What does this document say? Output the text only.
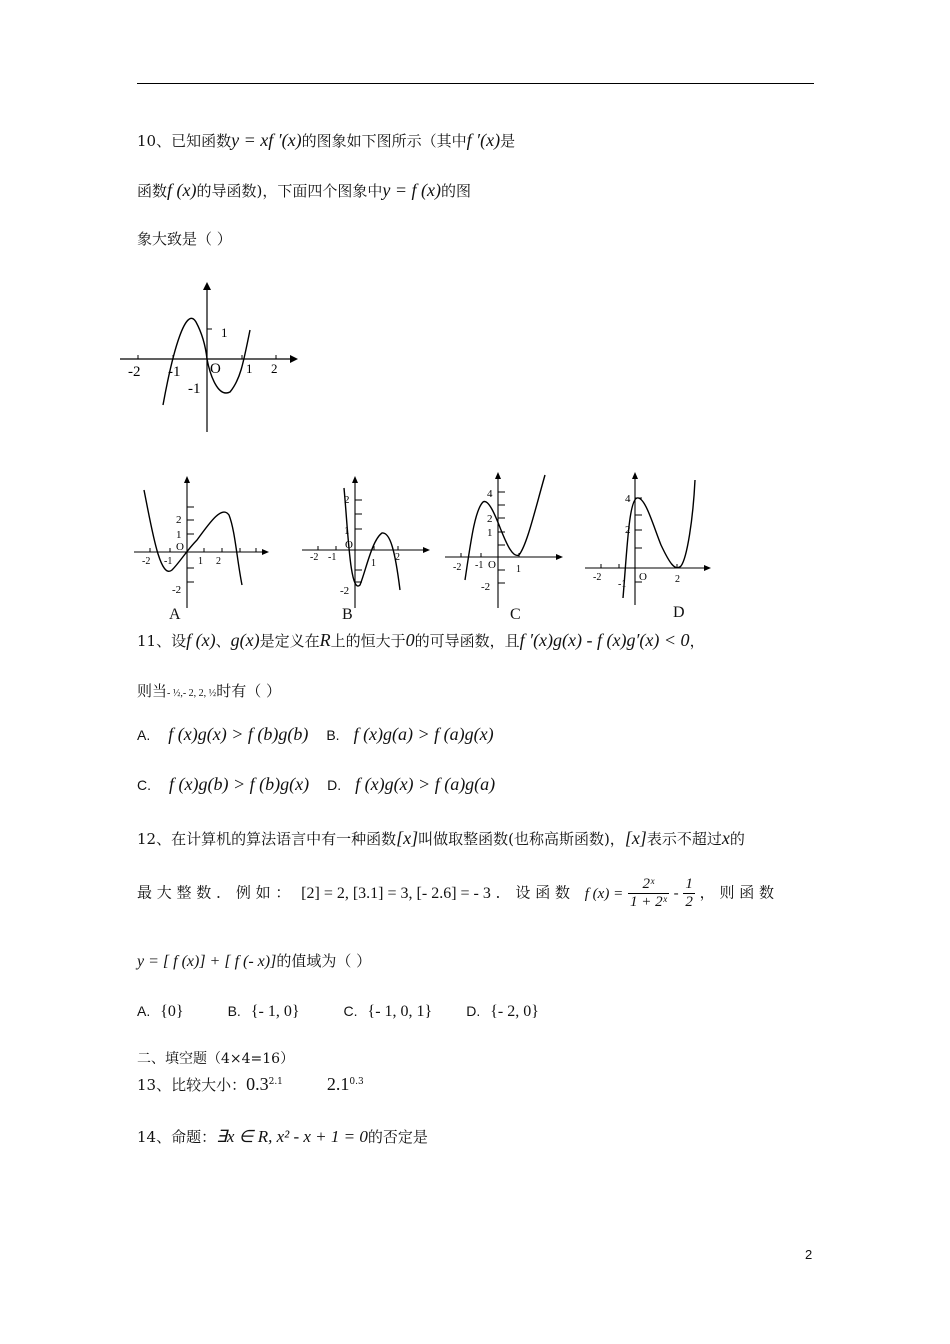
10、已知函数y = xf ′(x)的图象如下图所示（其中f ′(x)是
函数f (x)的导函数)，下面四个图象中y = f (x)的图
象大致是（ ）
-2 -1 O 1 2
1
-1
2
1
-2
-2 -1
O
1 2
A
2
1
-2
-2 -1
O
1
2
B
4
2
1
-2
-2 -1 O 1
C
4
2
-1
-2	O	2
D
11、设f (x)、g(x)是定义在R上的恒大于0的可导函数，且f ′(x)g(x) - f (x)g′(x) < 0，
则当- ½,- 2, 2, ½时有（ ）
A. f (x)g(x) > f (b)g(b) B. f (x)g(a) > f (a)g(x)
C. f (x)g(b) > f (b)g(x) D. f (x)g(x) > f (a)g(a)
12、在计算机的算法语言中有一种函数[x]叫做取整函数(也称高斯函数)，[x]表示不超过x的
最 大 整 数 ． 例 如 ： [2] = 2, [3.1] = 3, [- 2.6] = - 3 ． 设 函 数 f $(x) = \frac{\text{2ˣ}}{\text{1 + 2ˣ}} - \frac{1}{2}$ ， 则 函 数
y = [ f (x)] + [ f (- x)]的值域为（ ）
A. {0}	B. {- 1, 0}	C. {- 1, 0, 1} D. {- 2, 0}
二、填空题（4×4=16）
13、比较大小：$0.3^{2.1}$ $2.1^{0.3}$
14、命题：∃x ∈ R, x² - x + 1 = 0的否定是
2
